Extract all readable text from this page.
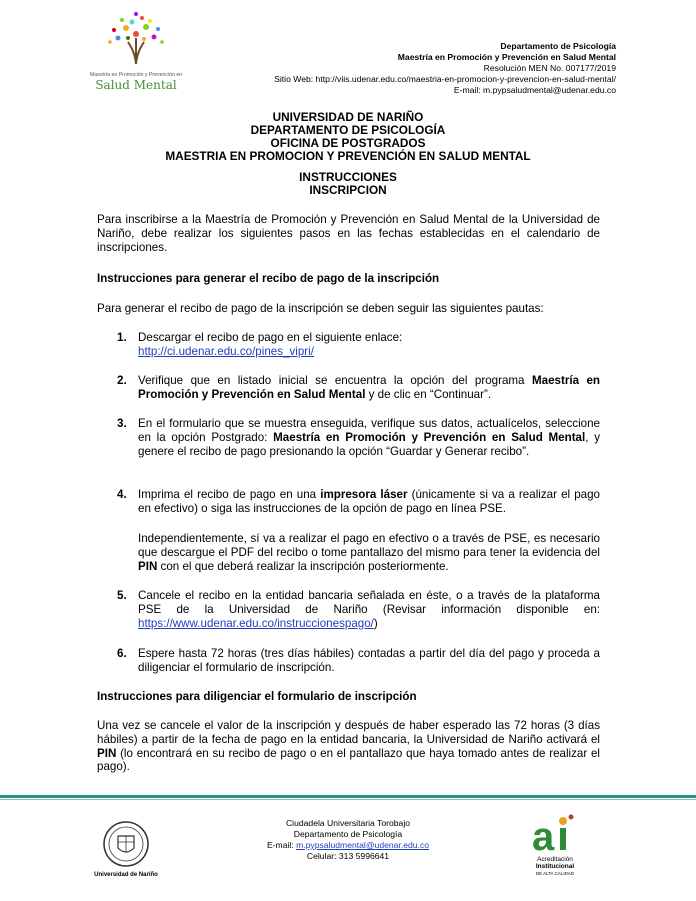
Maestría en Promoción y Prevención en
Salud Mental
Departamento de Psicología
Maestría en Promoción y Prevención en Salud Mental
Resolución MEN No. 007177/2019
Sitio Web: http://viis.udenar.edu.co/maestria-en-promocion-y-prevencion-en-salud-mental/
E-mail: m.pypsaludmental@udenar.edu.co
UNIVERSIDAD DE NARIÑO
DEPARTAMENTO DE PSICOLOGÍA
OFICINA DE POSTGRADOS
MAESTRIA EN PROMOCION Y PREVENCIÓN EN SALUD MENTAL
INSTRUCCIONES
INSCRIPCION

Para inscribirse a la Maestría de Promoción y Prevención en Salud Mental de la Universidad de Nariño, debe realizar los siguientes pasos en las fechas establecidas en el calendario de inscripciones.

Instrucciones para generar el recibo de pago de la inscripción

Para generar el recibo de pago de la inscripción se deben seguir las siguientes pautas:

1. Descargar el recibo de pago en el siguiente enlace:
http://ci.udenar.edu.co/pines_vipri/
2. Verifique que en listado inicial se encuentra la opción del programa Maestría en Promoción y Prevención en Salud Mental y de clic en “Continuar”.

3. En el formulario que se muestra enseguida, verifique sus datos, actualícelos, seleccione en la opción Postgrado: Maestría en Promoción y Prevención en Salud Mental, y genere el recibo de pago presionando la opción “Guardar y Generar recibo”.

4. Imprima el recibo de pago en una impresora láser (únicamente si va a realizar el pago en efectivo) o siga las instrucciones de la opción de pago en línea PSE.

Independientemente, sí va a realizar el pago en efectivo o a través de PSE, es necesario que descargue el PDF del recibo o tome pantallazo del mismo para tener la evidencia del PIN con el que deberá realizar la inscripción posteriormente.

5. Cancele el recibo en la entidad bancaria señalada en éste, o a través de la plataforma PSE de la Universidad de Nariño (Revisar información disponible en: https://www.udenar.edu.co/instruccionespago/)

6. Espere hasta 72 horas (tres días hábiles) contadas a partir del día del pago y proceda a diligenciar el formulario de inscripción.

Instrucciones para diligenciar el formulario de inscripción

Una vez se cancele el valor de la inscripción y después de haber esperado las 72 horas (3 días hábiles) a partir de la fecha de pago en la entidad bancaria, la Universidad de Nariño activará el PIN (lo encontrará en su recibo de pago o en el pantallazo que haya tomado antes de realizar el pago).

Universidad de Nariño
Ciudadela Universitaria Torobajo
Departamento de Psicología
E-mail: m.pypsaludmental@udenar.edu.co
Celular: 313 5996641	a
Acreditación
Institucional
DE ALTA CALIDAD
